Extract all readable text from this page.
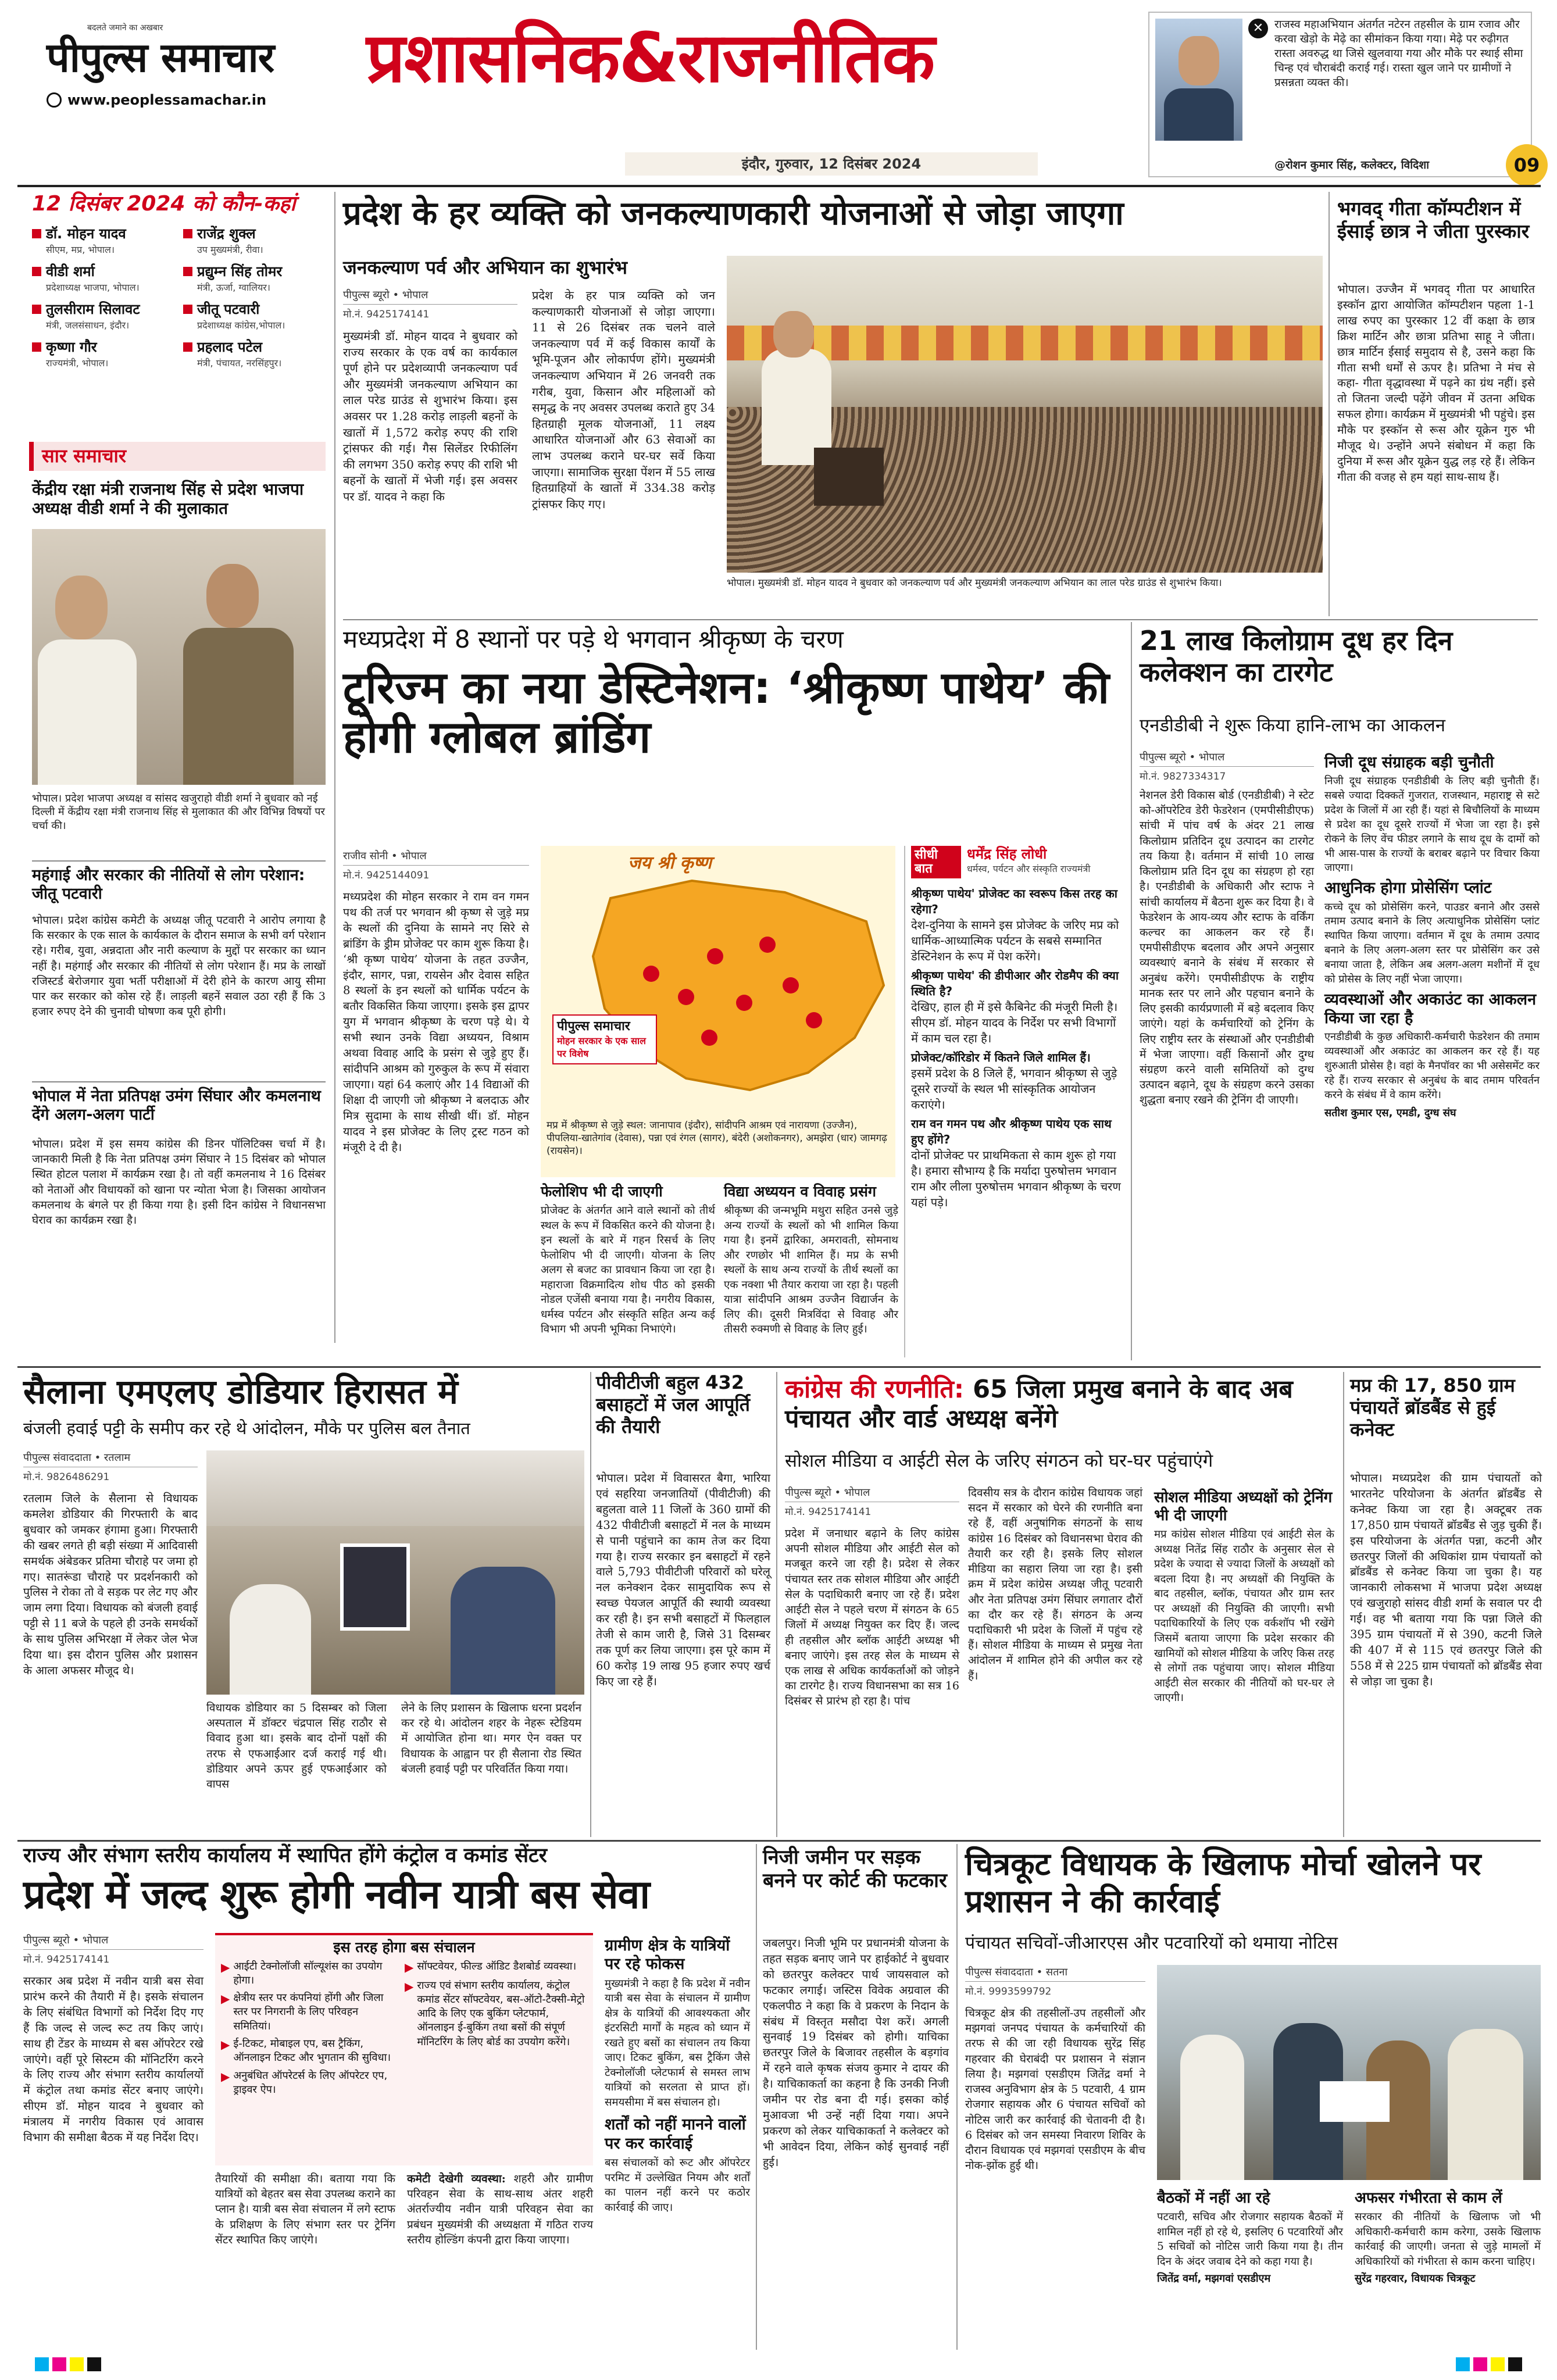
बदलते जमाने का अखबार
पीपुल्स समाचार
www.peoplessamachar.in
प्रशासनिक&राजनीतिक
इंदौर, गुरुवार, 12 दिसंबर 2024
✕ राजस्व महाअभियान अंतर्गत नटेरन तहसील के ग्राम रजाव और करवा खेड़ो के मेढ़े का सीमांकन किया गया। मेढ़े पर रुढ़ीगत रास्ता अवरुद्ध था जिसे खुलवाया गया और मौके पर स्थाई सीमा चिन्ह एवं चौराबंदी कराई गई। रास्ता खुल जाने पर ग्रामीणों ने प्रसन्नता व्यक्त की।
@रोशन कुमार सिंह, कलेक्टर, विदिशा	09
12 दिसंबर 2024 को कौन-कहां
डॉ. मोहन यादव
सीएम, मप्र, भोपाल।
राजेंद्र शुक्ल
उप मुख्यमंत्री, रीवा।
वीडी शर्मा
प्रदेशाध्यक्ष भाजपा, भोपाल।
प्रद्युम्न सिंह तोमर
मंत्री, ऊर्जा, ग्वालियर।
तुलसीराम सिलावट
मंत्री, जलसंसाधन, इंदौर।
जीतू पटवारी
प्रदेशाध्यक्ष कांग्रेस,भोपाल।
कृष्णा गौर
राज्यमंत्री, भोपाल।
प्रहलाद पटेल
मंत्री, पंचायत, नरसिंहपुर।
सार समाचार
केंद्रीय रक्षा मंत्री राजनाथ सिंह से प्रदेश भाजपा अध्यक्ष वीडी शर्मा ने की मुलाकात
भोपाल। प्रदेश भाजपा अध्यक्ष व सांसद खजुराहो वीडी शर्मा ने बुधवार को नई दिल्ली में केंद्रीय रक्षा मंत्री राजनाथ सिंह से मुलाकात की और विभिन्न विषयों पर चर्चा की।
महंगाई और सरकार की नीतियों से लोग परेशान: जीतू पटवारी
भोपाल। प्रदेश कांग्रेस कमेटी के अध्यक्ष जीतू पटवारी ने आरोप लगाया है कि सरकार के एक साल के कार्यकाल के दौरान समाज के सभी वर्ग परेशान रहे। गरीब, युवा, अन्नदाता और नारी कल्याण के मुद्दों पर सरकार का ध्यान नहीं है। महंगाई और सरकार की नीतियों से लोग परेशान हैं। मप्र के लाखों रजिस्टर्ड बेरोजगार युवा भर्ती परीक्षाओं में देरी होने के कारण आयु सीमा पार कर सरकार को कोस रहे हैं। लाड़ली बहनें सवाल उठा रही हैं कि 3 हजार रुपए देने की चुनावी घोषणा कब पूरी होगी।
भोपाल में नेता प्रतिपक्ष उमंग सिंघार और कमलनाथ देंगे अलग-अलग पार्टी
भोपाल। प्रदेश में इस समय कांग्रेस की डिनर पॉलिटिक्स चर्चा में है। जानकारी मिली है कि नेता प्रतिपक्ष उमंग सिंघार ने 15 दिसंबर को भोपाल स्थित होटल पलाश में कार्यक्रम रखा है। तो वहीं कमलनाथ ने 16 दिसंबर को नेताओं और विधायकों को खाना पर न्योता भेजा है। जिसका आयोजन कमलनाथ के बंगले पर ही किया गया है। इसी दिन कांग्रेस ने विधानसभा घेराव का कार्यक्रम रखा है।
प्रदेश के हर व्यक्ति को जनकल्याणकारी योजनाओं से जोड़ा जाएगा
जनकल्याण पर्व और अभियान का शुभारंभ
पीपुल्स ब्यूरो • भोपाल
मो.नं. 9425174141
मुख्यमंत्री डॉ. मोहन यादव ने बुधवार को राज्य सरकार के एक वर्ष का कार्यकाल पूर्ण होने पर प्रदेशव्यापी जनकल्याण पर्व और मुख्यमंत्री जनकल्याण अभियान का लाल परेड ग्राउंड से शुभारंभ किया। इस अवसर पर 1.28 करोड़ लाड़ली बहनों के खातों में 1,572 करोड़ रुपए की राशि ट्रांसफर की गई। गैस सिलेंडर रिफीलिंग की लगभग 350 करोड़ रुपए की राशि भी बहनों के खातों में भेजी गई। इस अवसर पर डॉ. यादव ने कहा कि
प्रदेश के हर पात्र व्यक्ति को जन कल्याणकारी योजनाओं से जोड़ा जाएगा। 11 से 26 दिसंबर तक चलने वाले जनकल्याण पर्व में कई विकास कार्यों के भूमि-पूजन और लोकार्पण होंगे। मुख्यमंत्री जनकल्याण अभियान में 26 जनवरी तक गरीब, युवा, किसान और महिलाओं को समृद्ध के नए अवसर उपलब्ध कराते हुए 34 हितग्राही मूलक योजनाओं, 11 लक्ष्य आधारित योजनाओं और 63 सेवाओं का लाभ उपलब्ध कराने घर-घर सर्वे किया जाएगा। सामाजिक सुरक्षा पेंशन में 55 लाख हितग्राहियों के खातों में 334.38 करोड़ ट्रांसफर किए गए।
भोपाल। मुख्यमंत्री डॉ. मोहन यादव ने बुधवार को जनकल्याण पर्व और मुख्यमंत्री जनकल्याण अभियान का लाल परेड ग्राउंड से शुभारंभ किया।
भगवद् गीता कॉम्पटीशन में ईसाई छात्र ने जीता पुरस्कार
भोपाल। उज्जैन में भगवद् गीता पर आधारित इस्कॉन द्वारा आयोजित कॉम्पटीशन पहला 1-1 लाख रुपए का पुरस्कार 12 वीं कक्षा के छात्र क्रिश मार्टिन और छात्रा प्रतिभा साहू ने जीता। छात्र मार्टिन ईसाई समुदाय से है, उसने कहा कि गीता सभी धर्मों से ऊपर है। प्रतिभा ने मंच से कहा- गीता वृद्धावस्था में पढ़ने का ग्रंथ नहीं। इसे तो जितना जल्दी पढ़ेंगे जीवन में उतना अधिक सफल होगा। कार्यक्रम में मुख्यमंत्री भी पहुंचे। इस मौके पर इस्कॉन से रूस और यूक्रेन गुरु भी मौजूद थे। उन्होंने अपने संबोधन में कहा कि दुनिया में रूस और यूक्रेन युद्ध लड़ रहे हैं। लेकिन गीता की वजह से हम यहां साथ-साथ हैं।
मध्यप्रदेश में 8 स्थानों पर पड़े थे भगवान श्रीकृष्ण के चरण
टूरिज्म का नया डेस्टिनेशन: ‘श्रीकृष्ण पाथेय’ की होगी ग्लोबल ब्रांडिंग
राजीव सोनी • भोपाल
मो.नं. 9425144091
मध्यप्रदेश की मोहन सरकार ने राम वन गमन पथ की तर्ज पर भगवान श्री कृष्ण से जुड़े मप्र के स्थलों की दुनिया के सामने नए सिरे से ब्रांडिंग के ड्रीम प्रोजेक्ट पर काम शुरू किया है। ‘श्री कृष्ण पाथेय’ योजना के तहत उज्जैन, इंदौर, सागर, पन्ना, रायसेन और देवास सहित 8 स्थलों के इन स्थलों को धार्मिक पर्यटन के बतौर विकसित किया जाएगा। इसके इस द्वापर युग में भगवान श्रीकृष्ण के चरण पड़े थे। ये सभी स्थान उनके विद्या अध्ययन, विश्राम अथवा विवाह आदि के प्रसंग से जुड़े हुए हैं। सांदीपनि आश्रम को गुरुकुल के रूप में संवारा जाएगा। यहां 64 कलाएं और 14 विद्याओं की शिक्षा दी जाएगी जो श्रीकृष्ण ने बलदाऊ और मित्र सुदामा के साथ सीखी थीं। डॉ. मोहन यादव ने इस प्रोजेक्ट के लिए ट्रस्ट गठन को मंजूरी दे दी है।
जय श्री कृष्ण
पीपुल्स समाचार
मोहन सरकार के एक साल पर विशेष
मप्र में श्रीकृष्ण से जुड़े स्थल: जानापाव (इंदौर), सांदीपनि आश्रम एवं नारायणा (उज्जैन), पीपलिया-खातेगांव (देवास), पन्ना एवं रंगल (सागर), बंदेरी (अशोकनगर), अमझेरा (धार) जामगढ़ (रायसेन)।
फेलोशिप भी दी जाएगी
प्रोजेक्ट के अंतर्गत आने वाले स्थानों को तीर्थ स्थल के रूप में विकसित करने की योजना है। इन स्थलों के बारे में गहन रिसर्च के लिए फेलोशिप भी दी जाएगी। योजना के लिए अलग से बजट का प्रावधान किया जा रहा है। महाराजा विक्रमादित्य शोध पीठ को इसकी नोडल एजेंसी बनाया गया है। नगरीय विकास, धर्मस्व पर्यटन और संस्कृति सहित अन्य कई विभाग भी अपनी भूमिका निभाएंगे।
विद्या अध्ययन व विवाह प्रसंग
श्रीकृष्ण की जन्मभूमि मथुरा सहित उनसे जुड़े अन्य राज्यों के स्थलों को भी शामिल किया गया है। इनमें द्वारिका, अमरावती, सोमनाथ और रणछोर भी शामिल हैं। मप्र के सभी स्थलों के साथ अन्य राज्यों के तीर्थ स्थलों का एक नक्शा भी तैयार कराया जा रहा है। पहली यात्रा सांदीपनि आश्रम उज्जैन विद्यार्जन के लिए की। दूसरी मित्रविंदा से विवाह और तीसरी रुक्मणी से विवाह के लिए हुई।
सीधी बात
धर्मेंद्र सिंह लोधी
धर्मस्व, पर्यटन और संस्कृति राज्यमंत्री
श्रीकृष्ण पाथेय' प्रोजेक्ट का स्वरूप किस तरह का रहेगा?
देश-दुनिया के सामने इस प्रोजेक्ट के जरिए मप्र को धार्मिक-आध्यात्मिक पर्यटन के सबसे सम्मानित डेस्टिनेशन के रूप में पेश करेंगे।
श्रीकृष्ण पाथेय' की डीपीआर और रोडमैप की क्या स्थिति है?
देखिए, हाल ही में इसे कैबिनेट की मंजूरी मिली है। सीएम डॉ. मोहन यादव के निर्देश पर सभी विभागों में काम चल रहा है।
प्रोजेक्ट/कॉरिडोर में कितने जिले शामिल हैं।
इसमें प्रदेश के 8 जिले हैं, भगवान श्रीकृष्ण से जुड़े दूसरे राज्यों के स्थल भी सांस्कृतिक आयोजन कराएंगे।
राम वन गमन पथ और श्रीकृष्ण पाथेय एक साथ हुए होंगे?
दोनों प्रोजेक्ट पर प्राथमिकता से काम शुरू हो गया है। हमारा सौभाग्य है कि मर्यादा पुरुषोत्तम भगवान राम और लीला पुरुषोत्तम भगवान श्रीकृष्ण के चरण यहां पड़े।
21 लाख किलोग्राम दूध हर दिन कलेक्शन का टारगेट
एनडीडीबी ने शुरू किया हानि-लाभ का आकलन
पीपुल्स ब्यूरो • भोपाल
मो.नं. 9827334317
नेशनल डेरी विकास बोर्ड (एनडीडीबी) ने स्टेट को-ऑपरेटिव डेरी फेडरेशन (एमपीसीडीएफ) सांची में पांच वर्ष के अंदर 21 लाख किलोग्राम प्रतिदिन दूध उत्पादन का टारगेट तय किया है। वर्तमान में सांची 10 लाख किलोग्राम प्रति दिन दूध का संग्रहण हो रहा है। एनडीडीबी के अधिकारी और स्टाफ ने सांची कार्यालय में बैठना शुरू कर दिया है। वे फेडरेशन के आय-व्यय और स्टाफ के वर्किंग कल्चर का आकलन कर रहे हैं। एमपीसीडीएफ बदलाव और अपने अनुसार व्यवस्थाएं बनाने के संबंध में सरकार से अनुबंध करेंगे। एमपीसीडीएफ के राष्ट्रीय मानक स्तर पर लाने और पहचान बनाने के लिए इसकी कार्यप्रणाली में बड़े बदलाव किए जाएंगे। यहां के कर्मचारियों को ट्रेनिंग के लिए राष्ट्रीय स्तर के संस्थाओं और एनडीडीबी में भेजा जाएगा। वहीं किसानों और दुग्ध संग्रहण करने वाली समितियों को दुग्ध उत्पादन बढ़ाने, दूध के संग्रहण करने उसका शुद्धता बनाए रखने की ट्रेनिंग दी जाएगी।
निजी दूध संग्राहक बड़ी चुनौती
निजी दूध संग्राहक एनडीडीबी के लिए बड़ी चुनौती हैं। सबसे ज्यादा दिक्कतें गुजरात, राजस्थान, महाराष्ट्र से सटे प्रदेश के जिलों में आ रही हैं। यहां से बिचौलियों के माध्यम से प्रदेश का दूध दूसरे राज्यों में भेजा जा रहा है। इसे रोकने के लिए वेंच फीडर लगाने के साथ दूध के दामों को भी आस-पास के राज्यों के बराबर बढ़ाने पर विचार किया जाएगा।
आधुनिक होगा प्रोसेसिंग प्लांट
कच्चे दूध को प्रोसेसिंग करने, पाउडर बनाने और उससे तमाम उत्पाद बनाने के लिए अत्याधुनिक प्रोसेसिंग प्लांट स्थापित किया जाएगा। वर्तमान में दूध के तमाम उत्पाद बनाने के लिए अलग-अलग स्तर पर प्रोसेसिंग कर उसे बनाया जाता है, लेकिन अब अलग-अलग मशीनों में दूध को प्रोसेस के लिए नहीं भेजा जाएगा।
व्यवस्थाओं और अकाउंट का आकलन किया जा रहा है
एनडीडीबी के कुछ अधिकारी-कर्मचारी फेडरेशन की तमाम व्यवस्थाओं और अकाउंट का आकलन कर रहे हैं। यह शुरुआती प्रोसेस है। वहां के मैनपॉवर का भी असेसमेंट कर रहे हैं। राज्य सरकार से अनुबंध के बाद तमाम परिवर्तन करने के संबंध में वे काम करेंगे।
सतीश कुमार एस, एमडी, दुग्ध संघ
सैलाना एमएलए डोडियार हिरासत में
बंजली हवाई पट्टी के समीप कर रहे थे आंदोलन, मौके पर पुलिस बल तैनात
पीपुल्स संवाददाता • रतलाम
मो.नं. 9826486291
रतलाम जिले के सैलाना से विधायक कमलेश डोडियार की गिरफ्तारी के बाद बुधवार को जमकर हंगामा हुआ। गिरफ्तारी की खबर लगते ही बड़ी संख्या में आदिवासी समर्थक अंबेडकर प्रतिमा चौराहे पर जमा हो गए। सातरूंडा चौराहे पर प्रदर्शनकारी को पुलिस ने रोका तो वे सड़क पर लेट गए और जाम लगा दिया। विधायक को बंजली हवाई पट्टी से 11 बजे के पहले ही उनके समर्थकों के साथ पुलिस अभिरक्षा में लेकर जेल भेज दिया था। इस दौरान पुलिस और प्रशासन के आला अफसर मौजूद थे।
विधायक डोडियार का 5 दिसम्बर को जिला अस्पताल में डॉक्टर चंद्रपाल सिंह राठौर से विवाद हुआ था। इसके बाद दोनों पक्षों की तरफ से एफआईआर दर्ज कराई गई थी। डोडियार अपने ऊपर हुई एफआईआर को वापस
लेने के लिए प्रशासन के खिलाफ धरना प्रदर्शन कर रहे थे। आंदोलन शहर के नेहरू स्टेडियम में आयोजित होना था। मगर ऐन वक्त पर विधायक के आह्वान पर ही सैलाना रोड स्थित बंजली हवाई पट्टी पर परिवर्तित किया गया।
पीवीटीजी बहुल 432 बसाहटों में जल आपूर्ति की तैयारी
भोपाल। प्रदेश में विवासरत बैगा, भारिया एवं सहरिया जनजातियों (पीवीटीजी) की बहुलता वाले 11 जिलों के 360 ग्रामों की 432 पीवीटीजी बसाहटों में नल के माध्यम से पानी पहुंचाने का काम तेज कर दिया गया है। राज्य सरकार इन बसाहटों में रहने वाले 5,793 पीवीटीजी परिवारों को घरेलू नल कनेक्शन देकर सामुदायिक रूप से स्वच्छ पेयजल आपूर्ति की स्थायी व्यवस्था कर रही है। इन सभी बसाहटों में फिलहाल तेजी से काम जारी है, जिसे 31 दिसम्बर तक पूर्ण कर लिया जाएगा। इस पूरे काम में 60 करोड़ 19 लाख 95 हजार रुपए खर्च किए जा रहे हैं।
कांग्रेस की रणनीति: 65 जिला प्रमुख बनाने के बाद अब पंचायत और वार्ड अध्यक्ष बनेंगे
सोशल मीडिया व आईटी सेल के जरिए संगठन को घर-घर पहुंचाएंगे
पीपुल्स ब्यूरो • भोपाल
मो.नं. 9425174141
प्रदेश में जनाधार बढ़ाने के लिए कांग्रेस अपनी सोशल मीडिया और आईटी सेल को मजबूत करने जा रही है। प्रदेश से लेकर पंचायत स्तर तक सोशल मीडिया और आईटी सेल के पदाधिकारी बनाए जा रहे हैं। प्रदेश आईटी सेल ने पहले चरण में संगठन के 65 जिलों में अध्यक्ष नियुक्त कर दिए हैं। जल्द ही तहसील और ब्लॉक आईटी अध्यक्ष भी बनाए जाएंगे। इस तरह सेल के माध्यम से एक लाख से अधिक कार्यकर्ताओं को जोड़ने का टारगेट है। राज्य विधानसभा का सत्र 16 दिसंबर से प्रारंभ हो रहा है। पांच
दिवसीय सत्र के दौरान कांग्रेस विधायक जहां सदन में सरकार को घेरने की रणनीति बना रहे हैं, वहीं अनुषांगिक संगठनों के साथ कांग्रेस 16 दिसंबर को विधानसभा घेराव की तैयारी कर रही है। इसके लिए सोशल मीडिया का सहारा लिया जा रहा है। इसी क्रम में प्रदेश कांग्रेस अध्यक्ष जीतू पटवारी और नेता प्रतिपक्ष उमंग सिंघार लगातार दौरों का दौर कर रहे हैं। संगठन के अन्य पदाधिकारी भी प्रदेश के जिलों में पहुंच रहे हैं। सोशल मीडिया के माध्यम से प्रमुख नेता आंदोलन में शामिल होने की अपील कर रहे हैं।
सोशल मीडिया अध्यक्षों को ट्रेनिंग भी दी जाएगी
मप्र कांग्रेस सोशल मीडिया एवं आईटी सेल के अध्यक्ष नितेंद्र सिंह राठौर के अनुसार सेल से प्रदेश के ज्यादा से ज्यादा जिलों के अध्यक्षों को बदला दिया है। नए अध्यक्षों की नियुक्ति के बाद तहसील, ब्लॉक, पंचायत और ग्राम स्तर पर अध्यक्षों की नियुक्ति की जाएगी। सभी पदाधिकारियों के लिए एक वर्कशॉप भी रखेंगे जिसमें बताया जाएगा कि प्रदेश सरकार की खामियों को सोशल मीडिया के जरिए किस तरह से लोगों तक पहुंचाया जाए। सोशल मीडिया आईटी सेल सरकार की नीतियों को घर-घर ले जाएगी।
मप्र की 17, 850 ग्राम पंचायतें ब्रॉडबैंड से हुई कनेक्ट
भोपाल। मध्यप्रदेश की ग्राम पंचायतों को भारतनेट परियोजना के अंतर्गत ब्रॉडबैंड से कनेक्ट किया जा रहा है। अक्टूबर तक 17,850 ग्राम पंचायतें ब्रॉडबैंड से जुड़ चुकी हैं। इस परियोजना के अंतर्गत पन्ना, कटनी और छतरपुर जिलों की अधिकांश ग्राम पंचायतों को ब्रॉडबैंड से कनेक्ट किया जा चुका है। यह जानकारी लोकसभा में भाजपा प्रदेश अध्यक्ष एवं खजुराहो सांसद वीडी शर्मा के सवाल पर दी गई। वह भी बताया गया कि पन्ना जिले की 395 ग्राम पंचायतों में से 390, कटनी जिले की 407 में से 115 एवं छतरपुर जिले की 558 में से 225 ग्राम पंचायतों को ब्रॉडबैंड सेवा से जोड़ा जा चुका है।
राज्य और संभाग स्तरीय कार्यालय में स्थापित होंगे कंट्रोल व कमांड सेंटर
प्रदेश में जल्द शुरू होगी नवीन यात्री बस सेवा
पीपुल्स ब्यूरो • भोपाल
मो.नं. 9425174141
सरकार अब प्रदेश में नवीन यात्री बस सेवा प्रारंभ करने की तैयारी में है। इसके संचालन के लिए संबंधित विभागों को निर्देश दिए गए हैं कि जल्द से जल्द रूट तय किए जाएं। साथ ही टेंडर के माध्यम से बस ऑपरेटर रखे जाएंगे। वहीं पूरे सिस्टम की मॉनिटरिंग करने के लिए राज्य और संभाग स्तरीय कार्यालयों में कंट्रोल तथा कमांड सेंटर बनाए जाएंगे। सीएम डॉ. मोहन यादव ने बुधवार को मंत्रालय में नगरीय विकास एवं आवास विभाग की समीक्षा बैठक में यह निर्देश दिए।
इस तरह होगा बस संचालन
▶ आईटी टेक्नोलॉजी सॉल्यूशंस का उपयोग होगा।
▶ क्षेत्रीय स्तर पर कंपनियां होंगी और जिला स्तर पर निगरानी के लिए परिवहन समितियां।
▶ ई-टिकट, मोबाइल एप, बस ट्रैकिंग, ऑनलाइन टिकट और भुगतान की सुविधा।
▶ अनुबंधित ऑपरेटर्स के लिए ऑपरेटर एप, ड्राइवर ऐप।
▶ सॉफ्टवेयर, फील्ड ऑडिट डैशबोर्ड व्यवस्था।
▶ राज्य एवं संभाग स्तरीय कार्यालय, कंट्रोल कमांड सेंटर सॉफ्टवेयर, बस-ऑटो-टैक्सी-मेट्रो आदि के लिए एक बुकिंग प्लेटफार्म, ऑनलाइन ई-बुकिंग तथा बसों की संपूर्ण मॉनिटरिंग के लिए बोर्ड का उपयोग करेंगे।
तैयारियों की समीक्षा की। बताया गया कि यात्रियों को बेहतर बस सेवा उपलब्ध कराने का प्लान है। यात्री बस सेवा संचालन में लगे स्टाफ के प्रशिक्षण के लिए संभाग स्तर पर ट्रेनिंग सेंटर स्थापित किए जाएंगे।
कमेटी देखेगी व्यवस्था: शहरी और ग्रामीण परिवहन सेवा के साथ-साथ अंतर शहरी अंतर्राज्यीय नवीन यात्री परिवहन सेवा का प्रबंधन मुख्यमंत्री की अध्यक्षता में गठित राज्य स्तरीय होल्डिंग कंपनी द्वारा किया जाएगा।
ग्रामीण क्षेत्र के यात्रियों पर रहे फोकस
मुख्यमंत्री ने कहा है कि प्रदेश में नवीन यात्री बस सेवा के संचालन में ग्रामीण क्षेत्र के यात्रियों की आवश्यकता और इंटरसिटी मार्गों के महत्व को ध्यान में रखते हुए बसों का संचालन तय किया जाए। टिकट बुकिंग, बस ट्रैकिंग जैसे टेक्नोलॉजी प्लेटफार्म से समस्त लाभ यात्रियों को सरलता से प्राप्त हों। समयसीमा में बस संचालन हो।
शर्तों को नहीं मानने वालों पर कर कार्रवाई
बस संचालकों को रूट और ऑपरेटर परमिट में उल्लेखित नियम और शर्तों का पालन नहीं करने पर कठोर कार्रवाई की जाए।
निजी जमीन पर सड़क बनने पर कोर्ट की फटकार
जबलपुर। निजी भूमि पर प्रधानमंत्री योजना के तहत सड़क बनाए जाने पर हाईकोर्ट ने बुधवार को छतरपुर कलेक्टर पार्थ जायसवाल को फटकार लगाई। जस्टिस विवेक अग्रवाल की एकलपीठ ने कहा कि वे प्रकरण के निदान के संबंध में विस्तृत मसौदा पेश करें। अगली सुनवाई 19 दिसंबर को होगी। याचिका छतरपुर जिले के बिजावर तहसील के बड़गांव में रहने वाले कृषक संजय कुमार ने दायर की है। याचिकाकर्ता का कहना है कि उनकी निजी जमीन पर रोड बना दी गई। इसका कोई मुआवजा भी उन्हें नहीं दिया गया। अपने प्रकरण को लेकर याचिकाकर्ता ने कलेक्टर को भी आवेदन दिया, लेकिन कोई सुनवाई नहीं हुई।
चित्रकूट विधायक के खिलाफ मोर्चा खोलने पर प्रशासन ने की कार्रवाई
पंचायत सचिवों-जीआरएस और पटवारियों को थमाया नोटिस
पीपुल्स संवाददाता • सतना
मो.नं. 9993599792
चित्रकूट क्षेत्र की तहसीलों-उप तहसीलों और मझगवां जनपद पंचायत के कर्मचारियों की तरफ से की जा रही विधायक सुरेंद्र सिंह गहरवार की घेराबंदी पर प्रशासन ने संज्ञान लिया है। मझगवां एसडीएम जितेंद्र वर्मा ने राजस्व अनुविभाग क्षेत्र के 5 पटवारी, 4 ग्राम रोजगार सहायक और 6 पंचायत सचिवों को नोटिस जारी कर कार्रवाई की चेतावनी दी है। 6 दिसंबर को जन समस्या निवारण शिविर के दौरान विधायक एवं मझगवां एसडीएम के बीच नोक-झोंक हुई थी।
बैठकों में नहीं आ रहे
पटवारी, सचिव और रोजगार सहायक बैठकों में शामिल नहीं हो रहे थे, इसलिए 6 पटवारियों और 5 सचिवों को नोटिस जारी किया गया है। तीन दिन के अंदर जवाब देने को कहा गया है।
जितेंद्र वर्मा, मझगवां एसडीएम
अफसर गंभीरता से काम लें
सरकार की नीतियों के खिलाफ जो भी अधिकारी-कर्मचारी काम करेगा, उसके खिलाफ कार्रवाई की जाएगी। जनता से जुड़े मामलों में अधिकारियों को गंभीरता से काम करना चाहिए।
सुरेंद्र गहरवार, विधायक चित्रकूट
